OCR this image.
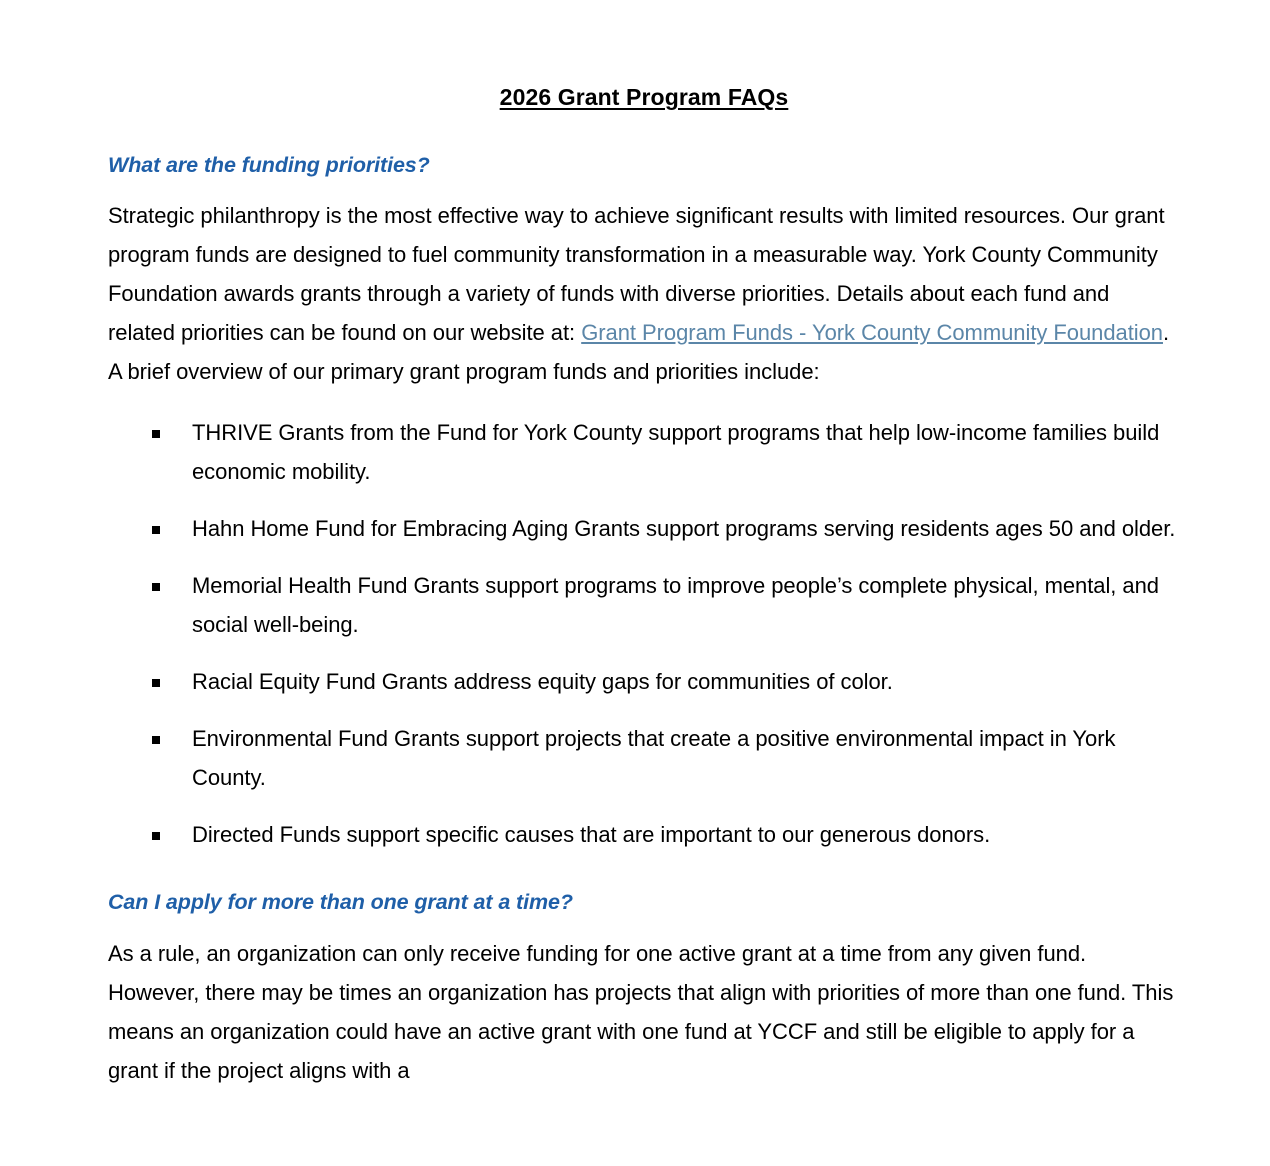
2026 Grant Program FAQs
What are the funding priorities?

Strategic philanthropy is the most effective way to achieve significant results with limited resources. Our grant program funds are designed to fuel community transformation in a measurable way. York County Community Foundation awards grants through a variety of funds with diverse priorities. Details about each fund and related priorities can be found on our website at: Grant Program Funds - York County Community Foundation. A brief overview of our primary grant program funds and priorities include:

THRIVE Grants from the Fund for York County support programs that help low-income families build economic mobility.
Hahn Home Fund for Embracing Aging Grants support programs serving residents ages 50 and older.
Memorial Health Fund Grants support programs to improve people’s complete physical, mental, and social well-being.
Racial Equity Fund Grants address equity gaps for communities of color.
Environmental Fund Grants support projects that create a positive environmental impact in York County.
Directed Funds support specific causes that are important to our generous donors.
Can I apply for more than one grant at a time?

As a rule, an organization can only receive funding for one active grant at a time from any given fund. However, there may be times an organization has projects that align with priorities of more than one fund. This means an organization could have an active grant with one fund at YCCF and still be eligible to apply for a grant if the project aligns with a
